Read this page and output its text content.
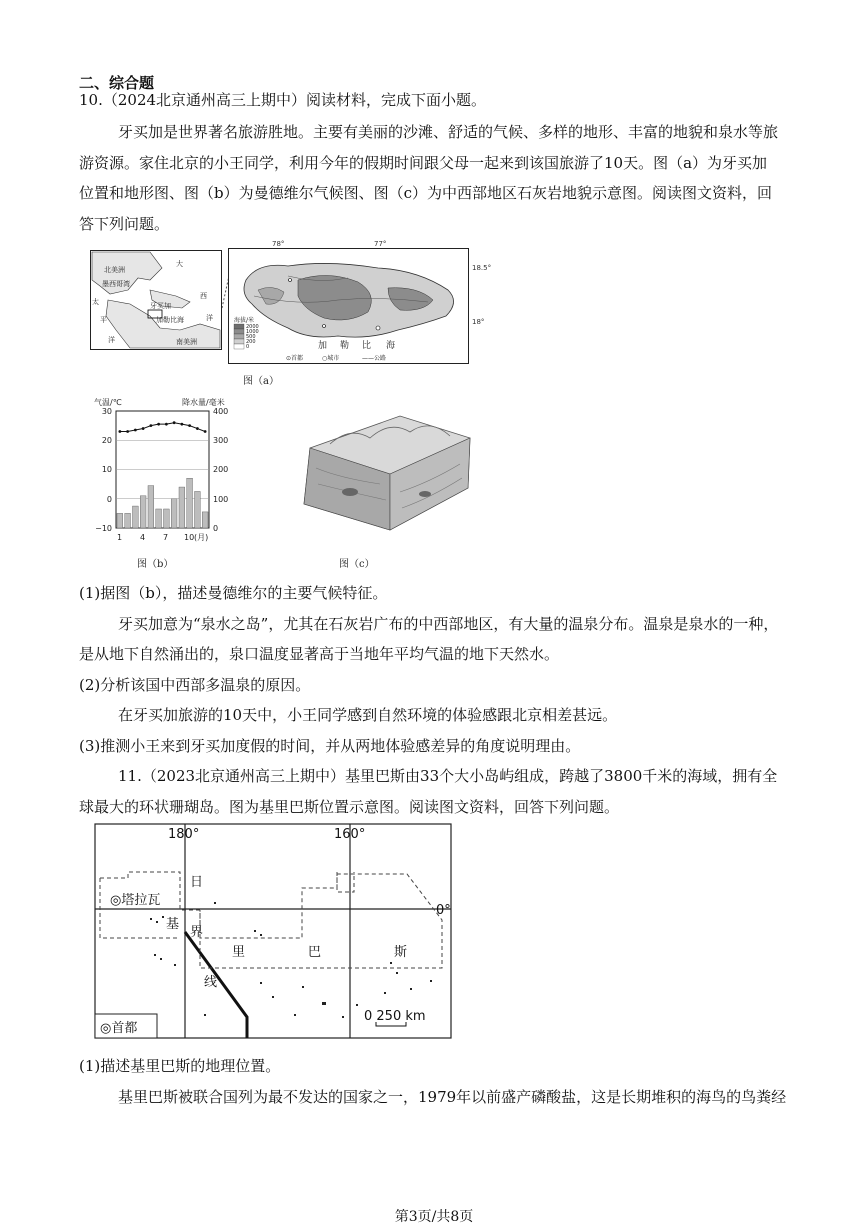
二、综合题
10.（2024北京通州高三上期中）阅读材料，完成下面小题。
牙买加是世界著名旅游胜地。主要有美丽的沙滩、舒适的气候、多样的地形、丰富的地貌和泉水等旅
游资源。家住北京的小王同学，利用今年的假期时间跟父母一起来到该国旅游了10天。图（a）为牙买加
位置和地形图、图（b）为曼德维尔气候图、图（c）为中西部地区石灰岩地貌示意图。阅读图文资料，回
答下列问题。
北美洲
墨西哥湾
太
平
洋
大
西
洋
加勒比海
南美洲
牙买加
78°	77°
18.5°
18°
海拔/米
2000
1000
500
200
0
⊙首都	○城市	——公路
加 勒 比 海
图（a）
气温/℃	降水量/毫米
30
20
10
0
−10
400
300
200
100
0
1 4 7 10 (月)
图（b）	图（c）
(1)据图（b），描述曼德维尔的主要气候特征。
牙买加意为“泉水之岛”，尤其在石灰岩广布的中西部地区，有大量的温泉分布。温泉是泉水的一种，
是从地下自然涌出的，泉口温度显著高于当地年平均气温的地下天然水。
(2)分析该国中西部多温泉的原因。
在牙买加旅游的10天中，小王同学感到自然环境的体验感跟北京相差甚远。
(3)推测小王来到牙买加度假的时间，并从两地体验感差异的角度说明理由。
11.（2023北京通州高三上期中）基里巴斯由33个大小岛屿组成，跨越了3800千米的海域，拥有全
球最大的环状珊瑚岛。图为基里巴斯位置示意图。阅读图文资料，回答下列问题。
180°	160°
0°
◎塔拉瓦
日
界
线
基
里	巴	斯
0 250 km
◎首都
(1)描述基里巴斯的地理位置。
基里巴斯被联合国列为最不发达的国家之一，1979年以前盛产磷酸盐，这是长期堆积的海鸟的鸟粪经
第3页/共8页
